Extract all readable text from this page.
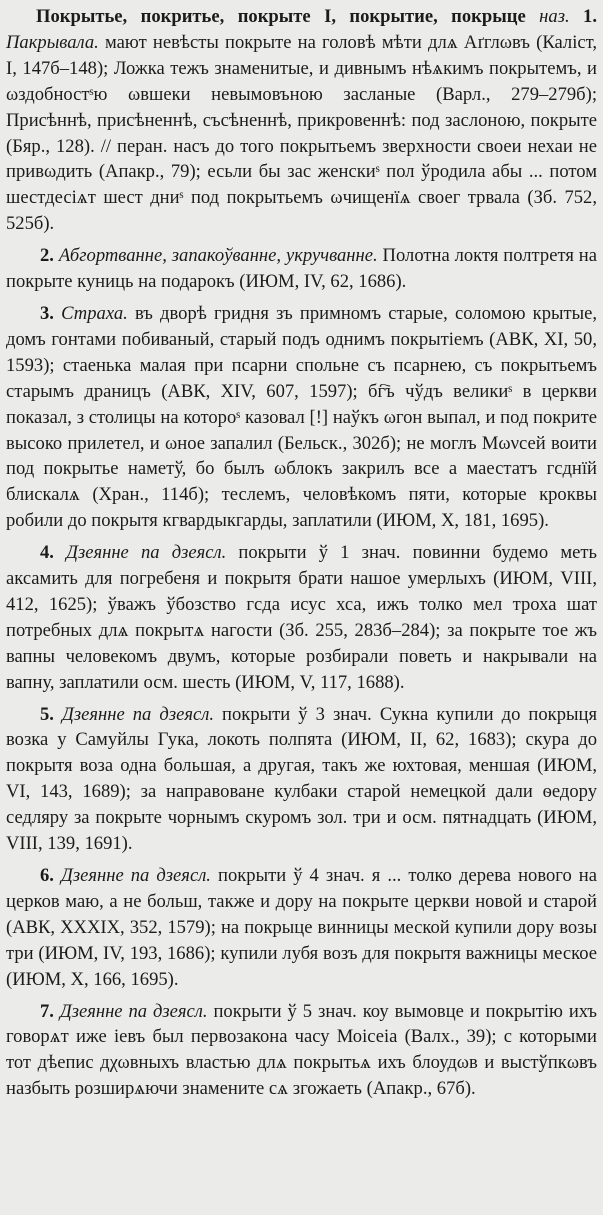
Покрытье, покритье, покрыте I, покрытие, покрыце наз. 1. Пакрывала. мают невѣсты покрыте на головѣ мѣти длѧ Аґглωвъ (Каліст, I, 147б–148); Ложка тежъ знаменитые, и дивнымъ нѣѧкимъ покрытемъ, и ωздобностˢю ωвшеки невымовъною засланые (Варл., 279–279б); Присѣннѣ, присѣненнѣ, съсѣненнѣ, прикровеннѣ: под заслоною, покрыте (Бяр., 128). // перан. насъ до того покрытьемъ зверхности своеи нехаи не привωдить (Апакр., 79); есьли бы зас женскиˢ пол ўродила абы ... потом шестдесіѧт шест дниˢ под покрытьемъ ωчищенїѧ своег трвала (Зб. 752, 525б).

2. Абгортванне, запакоўванне, укручванне. Полотна локтя полтретя на покрыте куниць на подарокъ (ИЮМ, IV, 62, 1686).

3. Страха. въ дворѣ гридня зъ примномъ старые, соломою крытые, домъ гонтами побиваный, старый подъ однимъ покрытіемъ (АВК, XI, 50, 1593); стаенька малая при псарни спольне съ псарнею, съ покрытьемъ старымъ драницъ (АВК, XIV, 607, 1597); бг҇ъ чўдъ великиˢ в церкви показал, з столицы на котороˢ казовал [!] наўкъ ωгон выпал, и под покрите высоко прилетел, и ωное запалил (Бельск., 302б); не моглъ Мωνсей воити под покрытье наметў, бо былъ ωблокъ закрилъ все а маестатъ гсднїй блискалѧ (Хран., 114б); теслемъ, человѣкомъ пяти, которые кроквы робили до покрытя кгвардыкгарды, заплатили (ИЮМ, X, 181, 1695).

4. Дзеянне па дзеясл. покрыти ў 1 знач. повинни будемо меть аксамить для погребеня и покрытя брати нашое умерлыхъ (ИЮМ, VIII, 412, 1625); ўважъ ўбозство гсда исус хса, ижъ толко мел троха шат потребных длѧ покрытѧ нагости (Зб. 255, 283б–284); за покрыте тое жъ вапны человекомъ двумъ, которые розбирали поветь и накрывали на вапну, заплатили осм. шесть (ИЮМ, V, 117, 1688).

5. Дзеянне па дзеясл. покрыти ў 3 знач. Сукна купили до покрыця возка у Самуйлы Гука, локоть полпята (ИЮМ, II, 62, 1683); скура до покрытя воза одна большая, а другая, такъ же юхтовая, меншая (ИЮМ, VI, 143, 1689); за направоване кулбаки старой немецкой дали ѳедору седляру за покрыте чорнымъ скуромъ зол. три и осм. пятнадцать (ИЮМ, VIII, 139, 1691).

6. Дзеянне па дзеясл. покрыти ў 4 знач. я ... толко дерева нового на церков маю, а не больш, также и дору на покрыте церкви новой и старой (АВК, XXXIX, 352, 1579); на покрыце винницы меской купили дору возы три (ИЮМ, IV, 193, 1686); купили лубя возъ для покрытя важницы меское (ИЮМ, X, 166, 1695).

7. Дзеянне па дзеясл. покрыти ў 5 знач. коу вымовце и покрытію ихъ говорѧт иже іевъ был первозакона часу Моісеіа (Валх., 39); с которыми тот дѣепис дχωвныхъ властью длѧ покрытьѧ ихъ блоудωв и выстўпкωвъ назбыть розширѧючи знамените сѧ згожаеть (Апакр., 67б).
